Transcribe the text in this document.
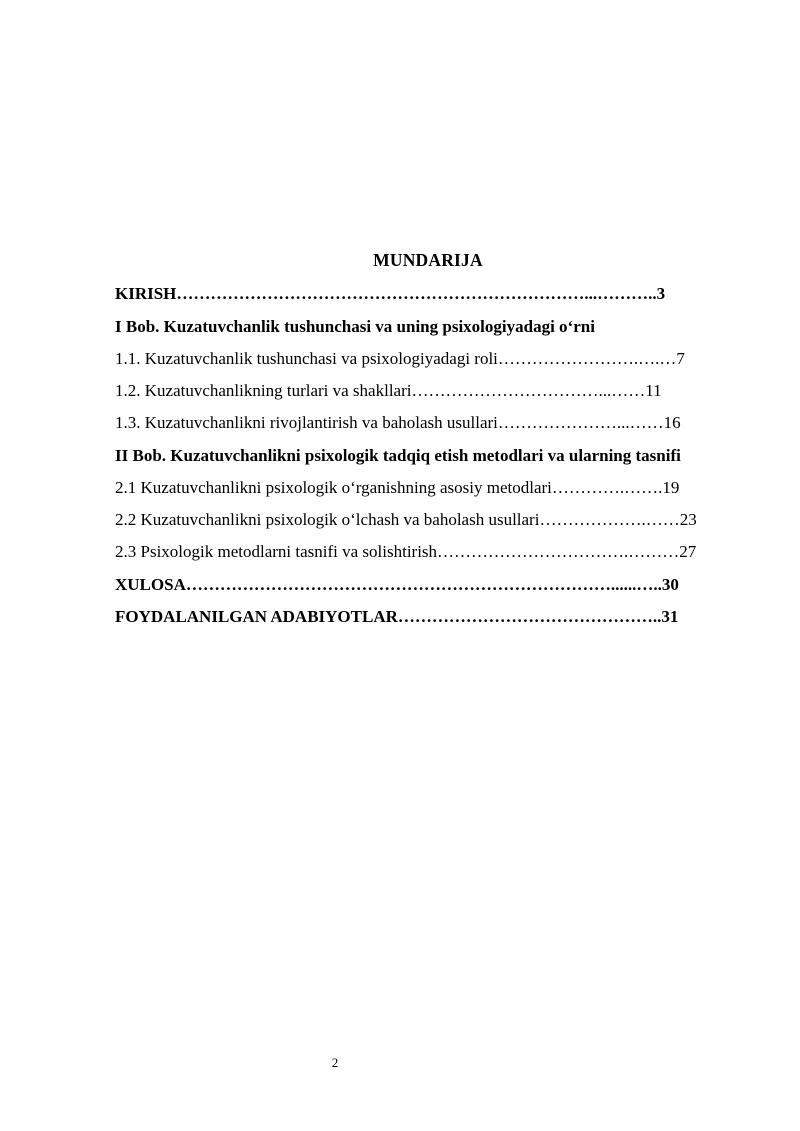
MUNDARIJA
KIRISH………………………………………………………………...………..3
I Bob. Kuzatuvchanlik tushunchasi va uning psixologiyadagi o‘rni
1.1. Kuzatuvchanlik tushunchasi va psixologiyadagi roli…………………….….…7
1.2. Kuzatuvchanlikning turlari va shakllari……………………………...……11
1.3. Kuzatuvchanlikni rivojlantirish va baholash usullari…………………...……16
II Bob. Kuzatuvchanlikni psixologik tadqiq etish metodlari va ularning tasnifi
2.1 Kuzatuvchanlikni psixologik o‘rganishning asosiy metodlari………….…….19
2.2 Kuzatuvchanlikni psixologik o‘lchash va baholash usullari……………….……23
2.3 Psixologik metodlarni tasnifi va solishtirish…………………………….………27
XULOSA…………………………………………………………………......…..30
FOYDALANILGAN ADABIYOTLAR………………………………………..31
2
